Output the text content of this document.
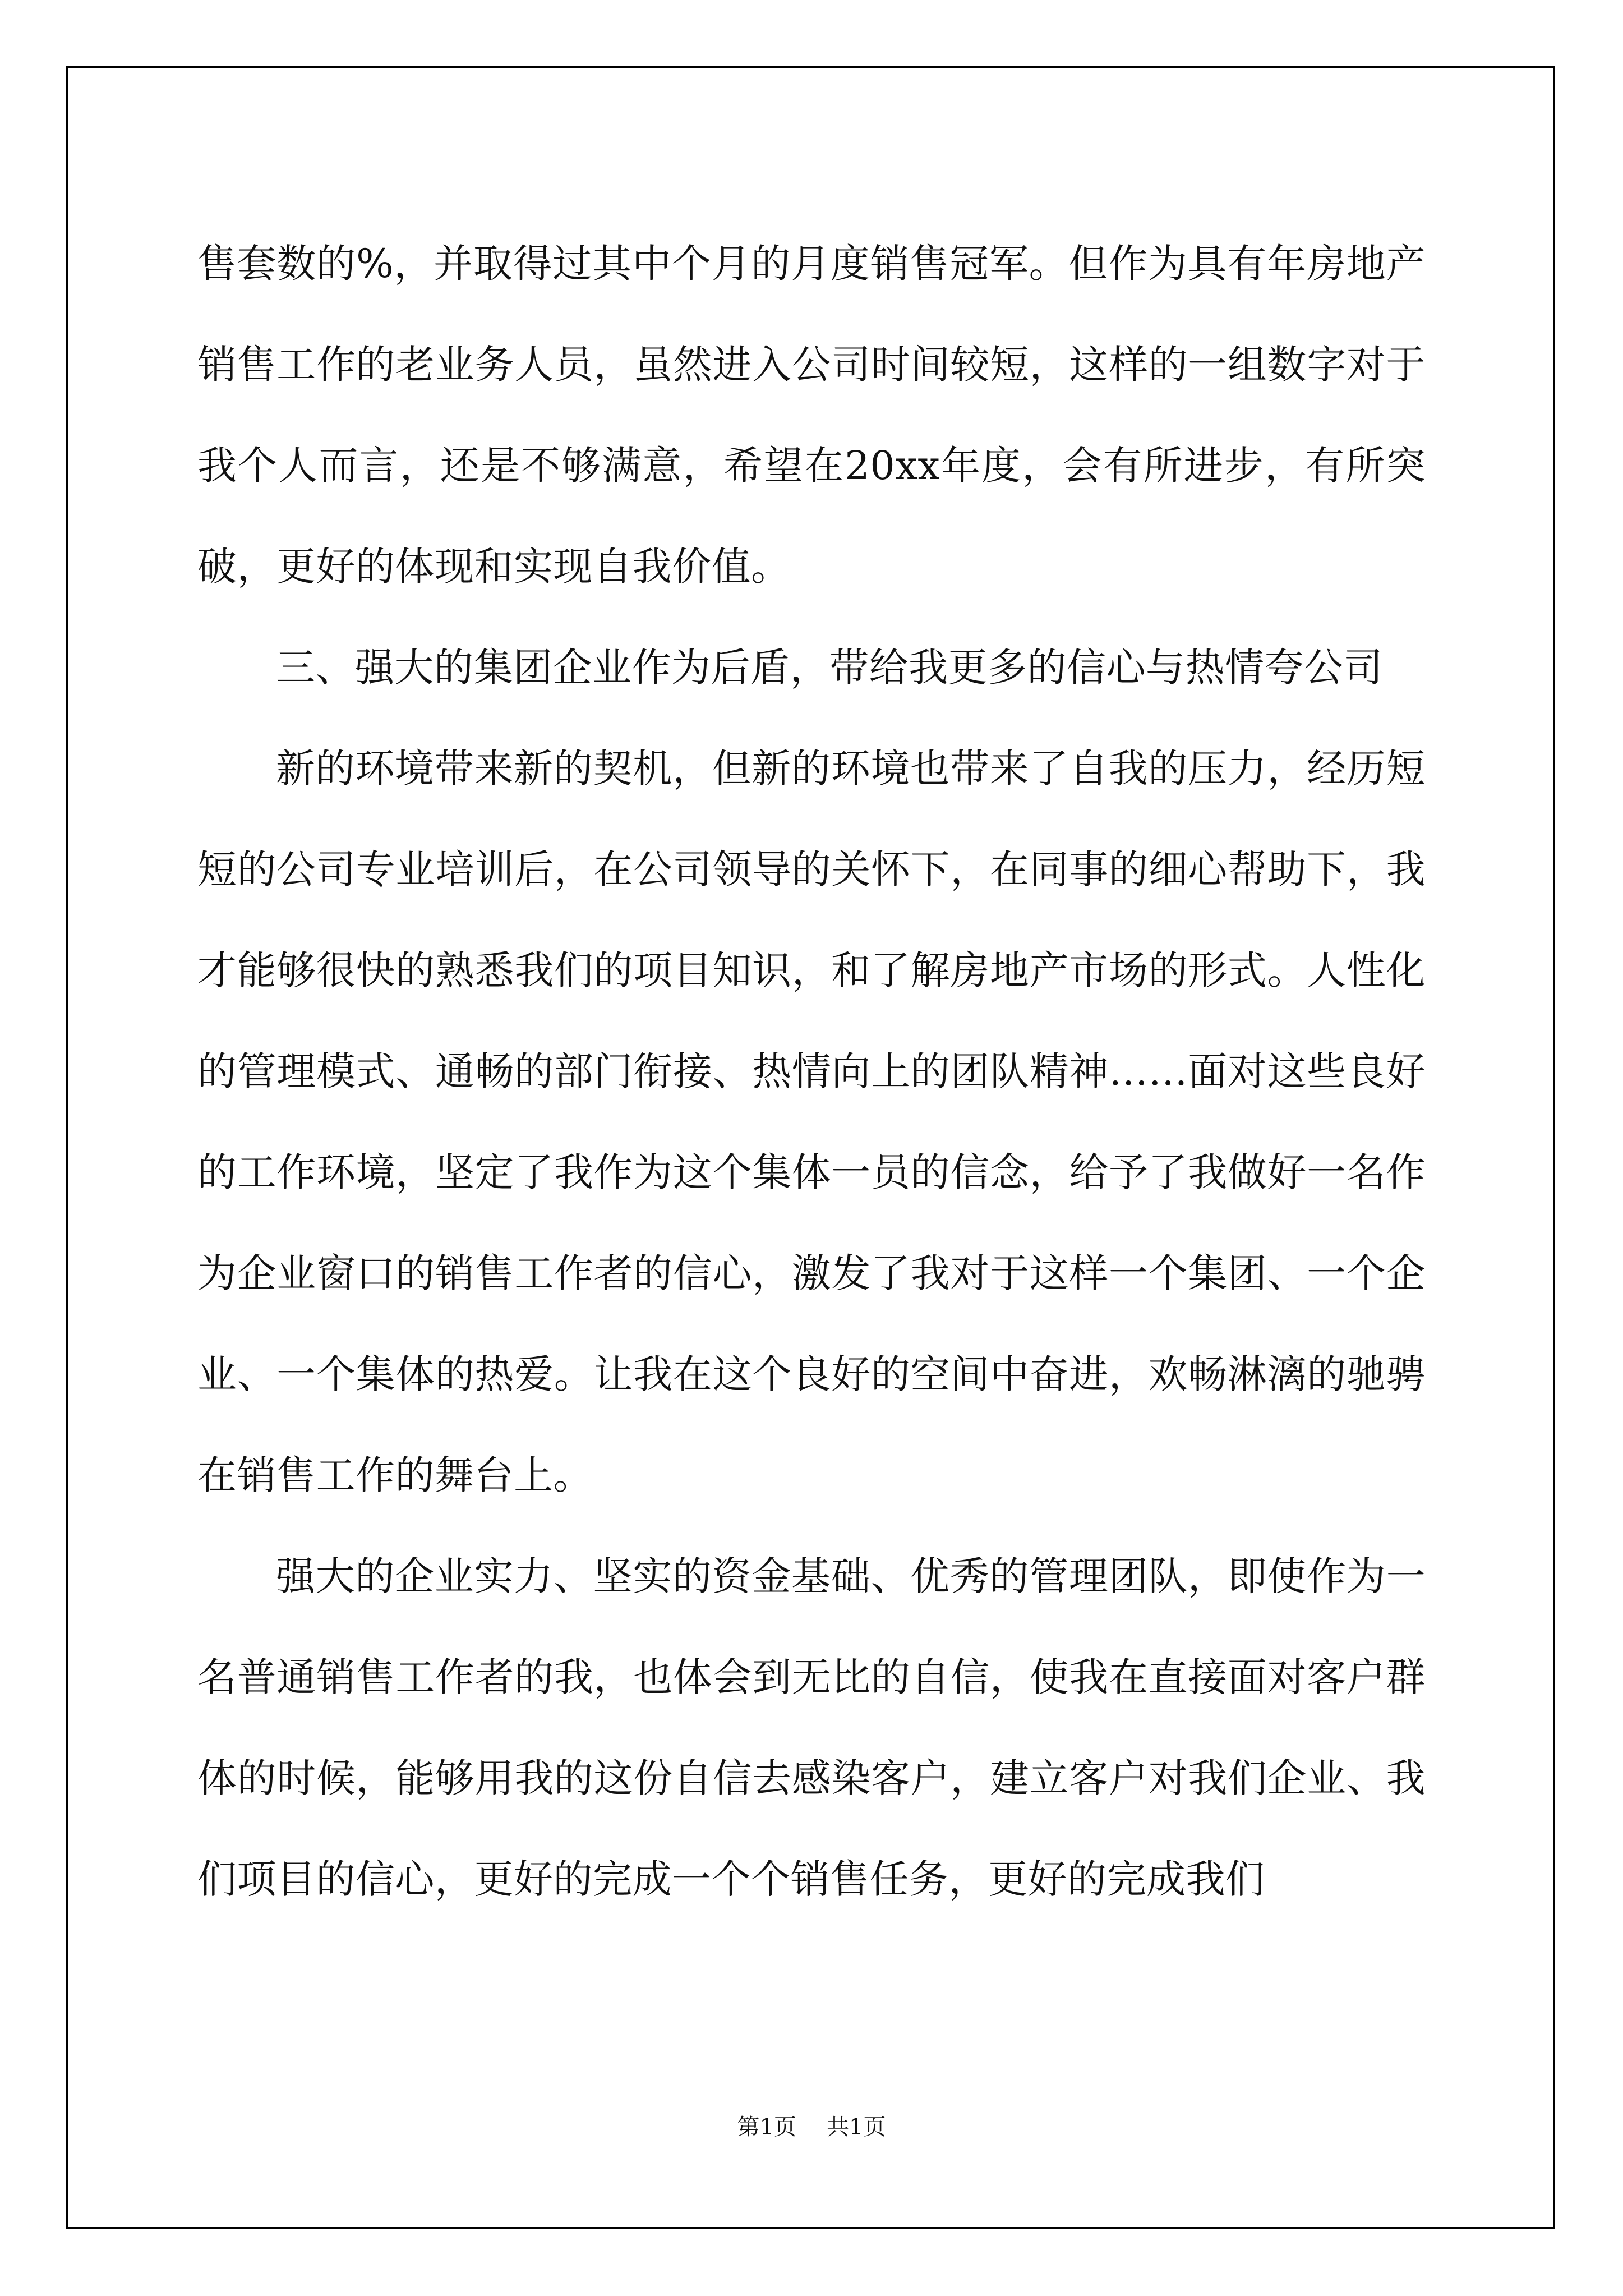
售套数的%，并取得过其中个月的月度销售冠军。但作为具有年房地产销售工作的老业务人员，虽然进入公司时间较短，这样的一组数字对于我个人而言，还是不够满意，希望在20xx年度，会有所进步，有所突破，更好的体现和实现自我价值。

三、强大的集团企业作为后盾，带给我更多的信心与热情夸公司

新的环境带来新的契机，但新的环境也带来了自我的压力，经历短短的公司专业培训后，在公司领导的关怀下，在同事的细心帮助下，我才能够很快的熟悉我们的项目知识，和了解房地产市场的形式。人性化的管理模式、通畅的部门衔接、热情向上的团队精神……面对这些良好的工作环境，坚定了我作为这个集体一员的信念，给予了我做好一名作为企业窗口的销售工作者的信心，激发了我对于这样一个集团、一个企业、一个集体的热爱。让我在这个良好的空间中奋进，欢畅淋漓的驰骋在销售工作的舞台上。

强大的企业实力、坚实的资金基础、优秀的管理团队，即使作为一名普通销售工作者的我，也体会到无比的自信，使我在直接面对客户群体的时候，能够用我的这份自信去感染客户，建立客户对我们企业、我们项目的信心，更好的完成一个个销售任务，更好的完成我们

第1页 共1页
